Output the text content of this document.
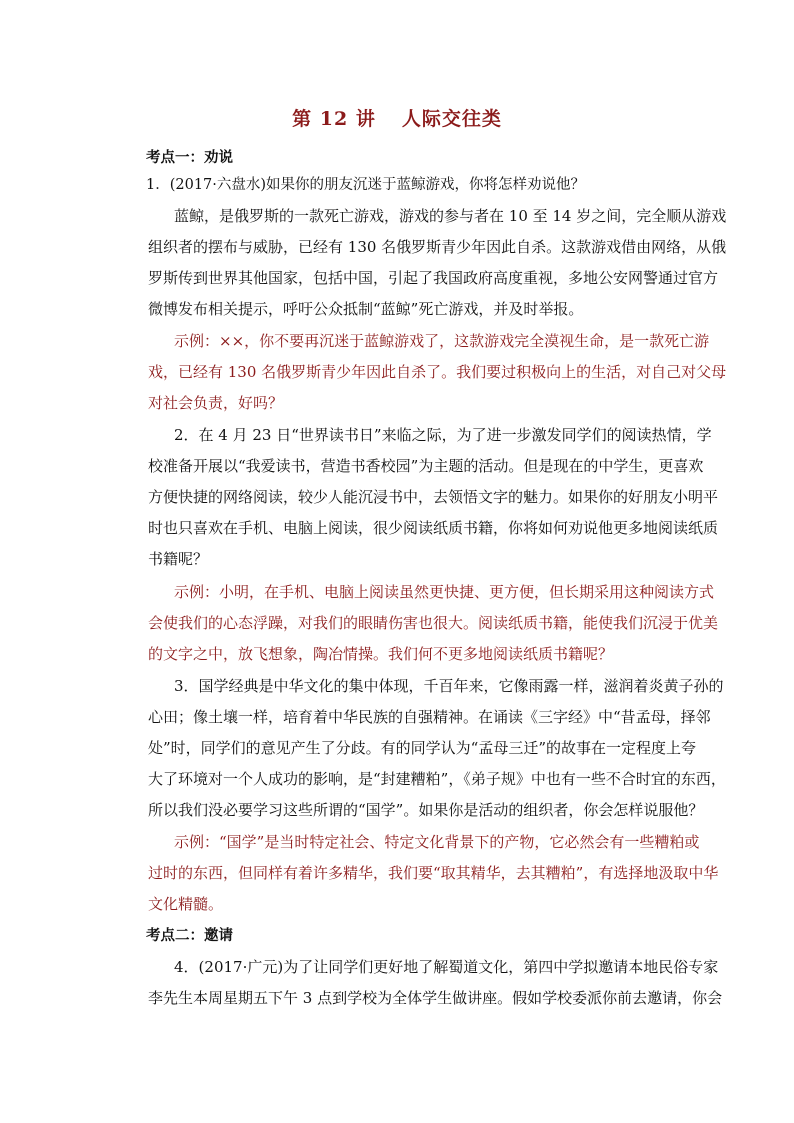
第 12 讲 人际交往类
考点一：劝说
1．(2017·六盘水)如果你的朋友沉迷于蓝鲸游戏，你将怎样劝说他？
蓝鲸，是俄罗斯的一款死亡游戏，游戏的参与者在 10 至 14 岁之间，完全顺从游戏
组织者的摆布与威胁，已经有 130 名俄罗斯青少年因此自杀。这款游戏借由网络，从俄
罗斯传到世界其他国家，包括中国，引起了我国政府高度重视，多地公安网警通过官方
微博发布相关提示，呼吁公众抵制“蓝鲸”死亡游戏，并及时举报。
示例：××，你不要再沉迷于蓝鲸游戏了，这款游戏完全漠视生命，是一款死亡游
戏，已经有 130 名俄罗斯青少年因此自杀了。我们要过积极向上的生活，对自己对父母
对社会负责，好吗？
2．在 4 月 23 日“世界读书日”来临之际，为了进一步激发同学们的阅读热情，学
校准备开展以“我爱读书，营造书香校园”为主题的活动。但是现在的中学生，更喜欢
方便快捷的网络阅读，较少人能沉浸书中，去领悟文字的魅力。如果你的好朋友小明平
时也只喜欢在手机、电脑上阅读，很少阅读纸质书籍，你将如何劝说他更多地阅读纸质
书籍呢？
示例：小明，在手机、电脑上阅读虽然更快捷、更方便，但长期采用这种阅读方式
会使我们的心态浮躁，对我们的眼睛伤害也很大。阅读纸质书籍，能使我们沉浸于优美
的文字之中，放飞想象，陶冶情操。我们何不更多地阅读纸质书籍呢？
3．国学经典是中华文化的集中体现，千百年来，它像雨露一样，滋润着炎黄子孙的
心田；像土壤一样，培育着中华民族的自强精神。在诵读《三字经》中“昔孟母，择邻
处”时，同学们的意见产生了分歧。有的同学认为“孟母三迁”的故事在一定程度上夸
大了环境对一个人成功的影响，是“封建糟粕”，《弟子规》中也有一些不合时宜的东西，
所以我们没必要学习这些所谓的“国学”。如果你是活动的组织者，你会怎样说服他？
示例：“国学”是当时特定社会、特定文化背景下的产物，它必然会有一些糟粕或
过时的东西，但同样有着许多精华，我们要“取其精华，去其糟粕”，有选择地汲取中华
文化精髓。
考点二：邀请
4．(2017·广元)为了让同学们更好地了解蜀道文化，第四中学拟邀请本地民俗专家
李先生本周星期五下午 3 点到学校为全体学生做讲座。假如学校委派你前去邀请，你会
